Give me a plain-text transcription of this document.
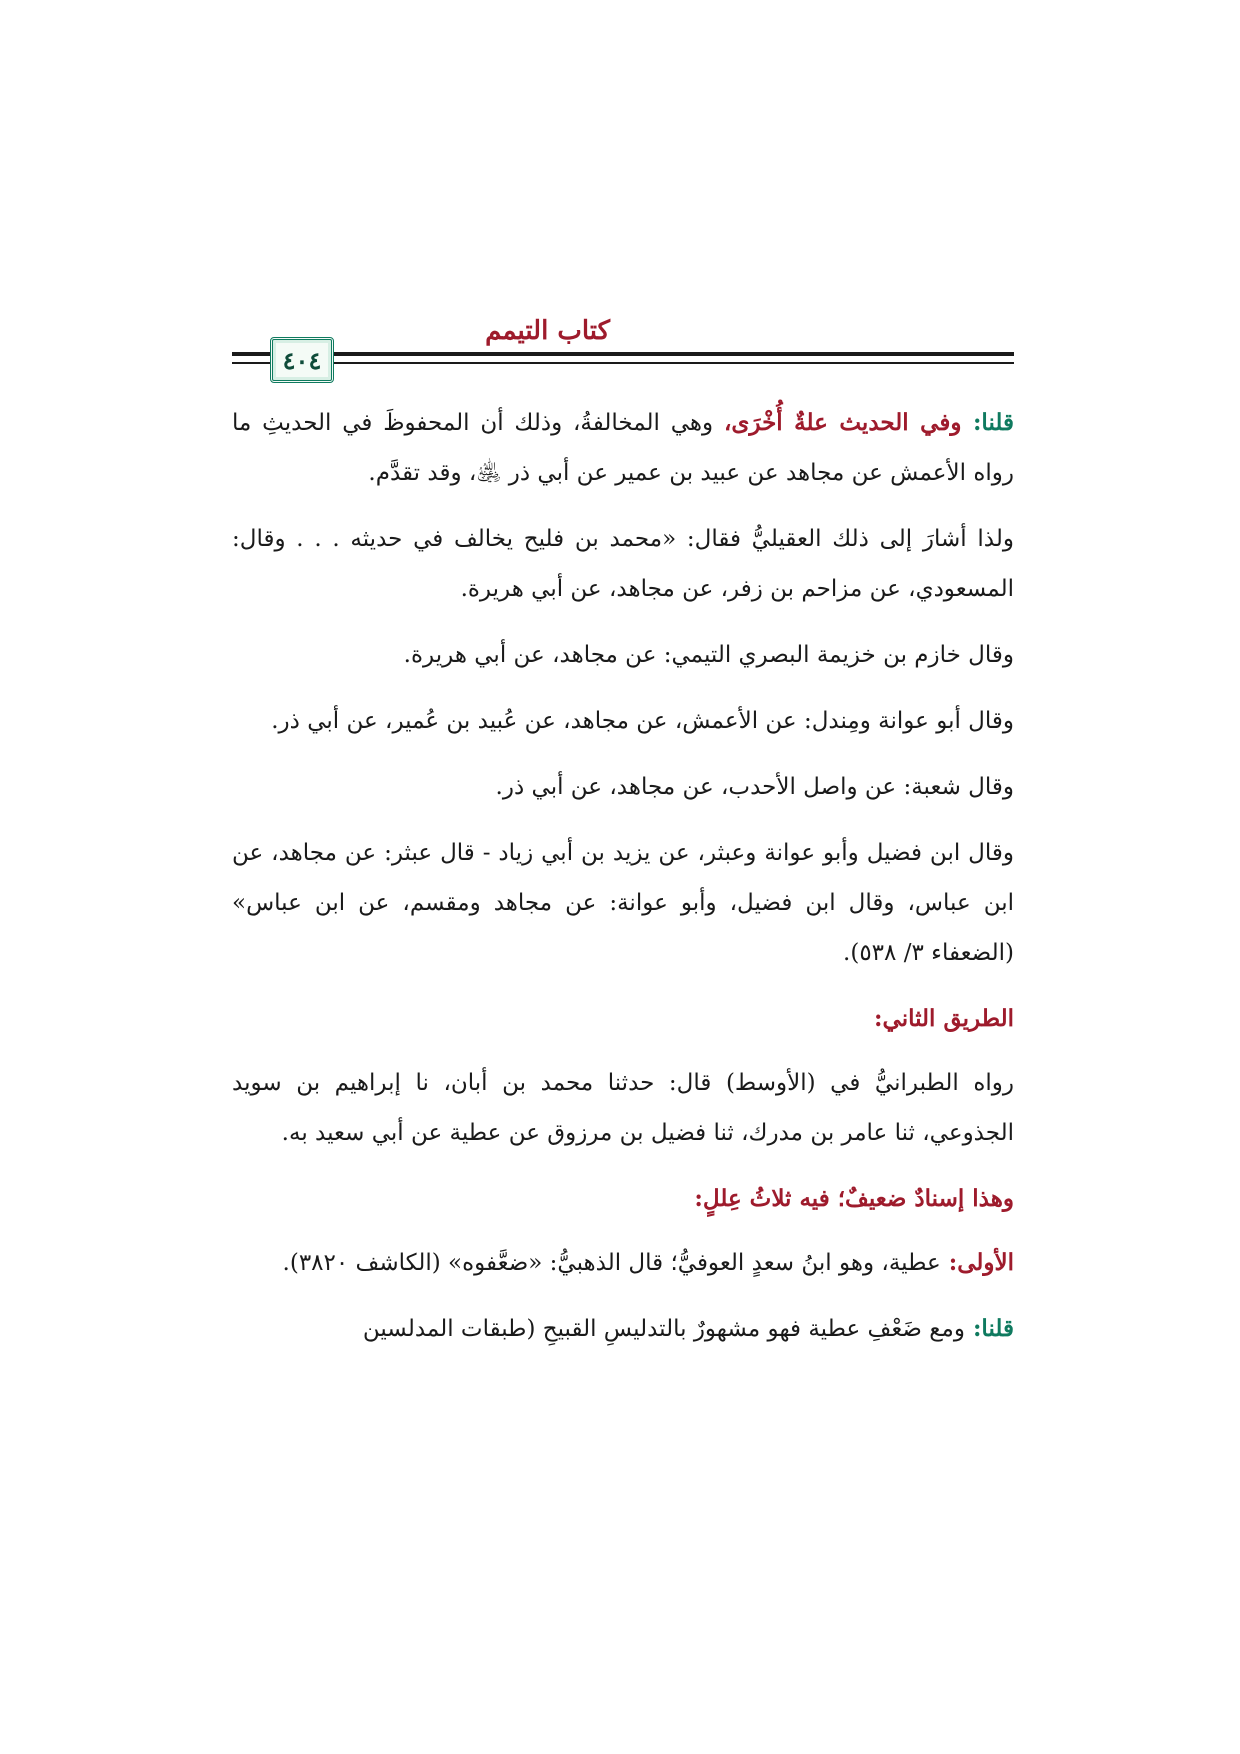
٤٠٤
كتاب التيمم

قلنا: وفي الحديث علةٌ أُخْرَى، وهي المخالفةُ، وذلك أن المحفوظَ في الحديثِ ما رواه الأعمش عن مجاهد عن عبيد بن عمير عن أبي ذر ﵁، وقد تقدَّم.

ولذا أشارَ إلى ذلك العقيليُّ فقال: «محمد بن فليح يخالف في حديثه . . . وقال: المسعودي، عن مزاحم بن زفر، عن مجاهد، عن أبي هريرة.

وقال خازم بن خزيمة البصري التيمي: عن مجاهد، عن أبي هريرة.

وقال أبو عوانة ومِندل: عن الأعمش، عن مجاهد، عن عُبيد بن عُمير، عن أبي ذر.

وقال شعبة: عن واصل الأحدب، عن مجاهد، عن أبي ذر.

وقال ابن فضيل وأبو عوانة وعبثر، عن يزيد بن أبي زياد - قال عبثر: عن مجاهد، عن ابن عباس، وقال ابن فضيل، وأبو عوانة: عن مجاهد ومقسم، عن ابن عباس» (الضعفاء ٣/ ٥٣٨).

الطريق الثاني:

رواه الطبرانيُّ في (الأوسط) قال: حدثنا محمد بن أبان، نا إبراهيم بن سويد الجذوعي، ثنا عامر بن مدرك، ثنا فضيل بن مرزوق عن عطية عن أبي سعيد به.

وهذا إسنادٌ ضعيفٌ؛ فيه ثلاثُ عِللٍ:

الأولى: عطية، وهو ابنُ سعدٍ العوفيُّ؛ قال الذهبيُّ: «ضعَّفوه» (الكاشف ٣٨٢٠).

قلنا: ومع ضَعْفِ عطية فهو مشهورٌ بالتدليسِ القبيحِ (طبقات المدلسين
